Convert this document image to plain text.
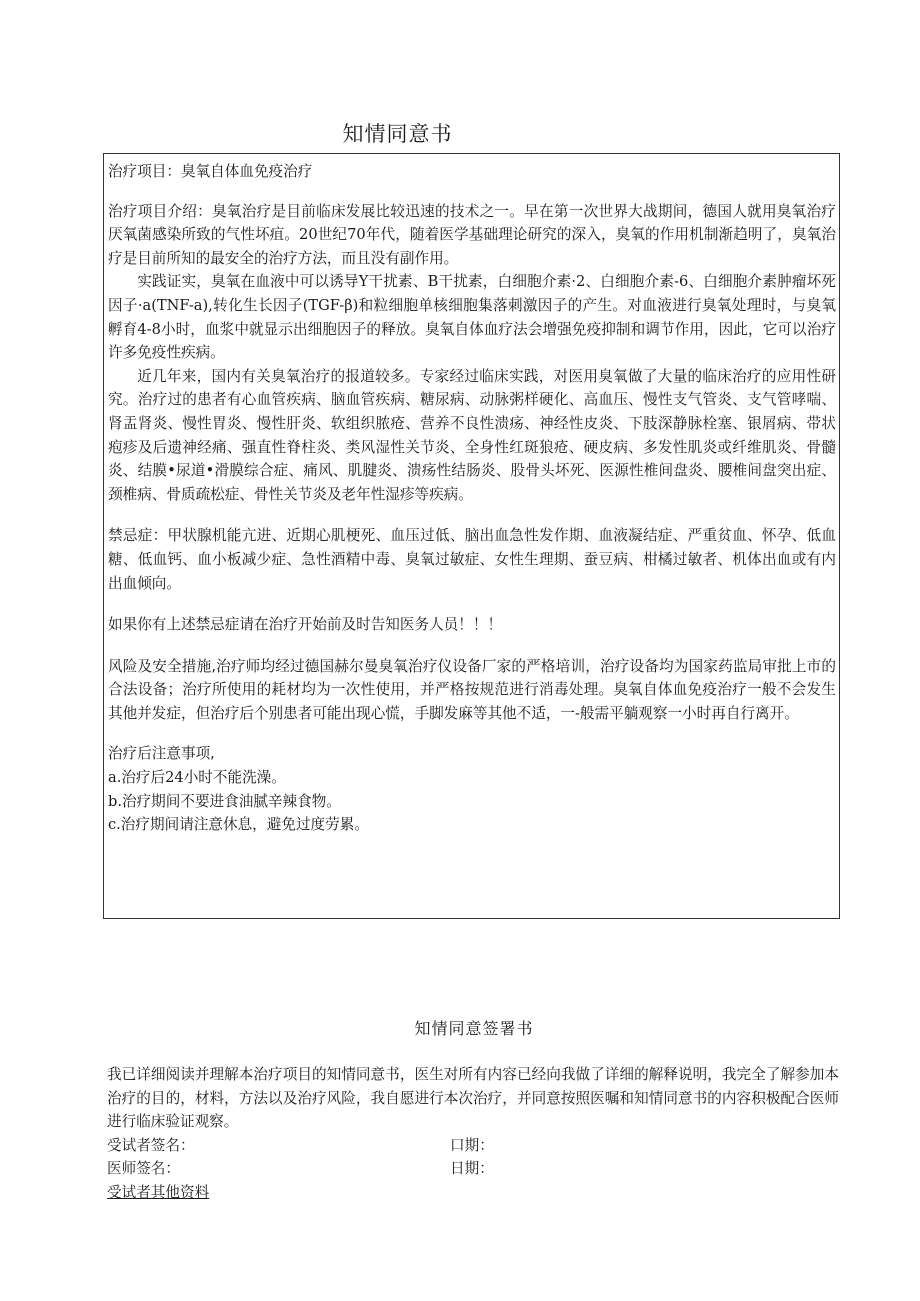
知情同意书

治疗项目：臭氧自体血免疫治疗

治疗项目介绍：臭氧治疗是目前临床发展比较迅速的技术之一。早在第一次世界大战期间，德国人就用臭氧治疗厌氧菌感染所致的气性坏疽。20世纪70年代，随着医学基础理论研究的深入，臭氧的作用机制渐趋明了，臭氧治疗是目前所知的最安全的治疗方法，而且没有副作用。

实践证实，臭氧在血液中可以诱导Y干扰素、B干扰素，白细胞介素·2、白细胞介素-6、白细胞介素肿瘤坏死因子·a(TNF-a),转化生长因子(TGF-β)和粒细胞单核细胞集落刺激因子的产生。对血液进行臭氧处理时，与臭氧孵育4-8小时，血浆中就显示出细胞因子的释放。臭氧自体血疗法会增强免疫抑制和调节作用，因此，它可以治疗许多免疫性疾病。

近几年来，国内有关臭氧治疗的报道较多。专家经过临床实践，对医用臭氧做了大量的临床治疗的应用性研究。治疗过的患者有心血管疾病、脑血管疾病、糖尿病、动脉粥样硬化、高血压、慢性支气管炎、支气管哮喘、肾盂肾炎、慢性胃炎、慢性肝炎、软组织脓疮、营养不良性溃疡、神经性皮炎、下肢深静脉栓塞、银屑病、带状疱疹及后遗神经痛、强直性脊柱炎、类风湿性关节炎、全身性红斑狼疮、硬皮病、多发性肌炎或纤维肌炎、骨髓炎、结膜•尿道•滑膜综合症、痛风、肌腱炎、溃疡性结肠炎、股骨头坏死、医源性椎间盘炎、腰椎间盘突出症、颈椎病、骨质疏松症、骨性关节炎及老年性湿疹等疾病。

禁忌症：甲状腺机能亢进、近期心肌梗死、血压过低、脑出血急性发作期、血液凝结症、严重贫血、怀孕、低血糖、低血钙、血小板减少症、急性酒精中毒、臭氧过敏症、女性生理期、蚕豆病、柑橘过敏者、机体出血或有内出血倾向。

如果你有上述禁忌症请在治疗开始前及时告知医务人员！！！

风险及安全措施,治疗师均经过德国赫尔曼臭氧治疗仪设备厂家的严格培训，治疗设备均为国家药监局审批上市的合法设备；治疗所使用的耗材均为一次性使用，并严格按规范进行消毒处理。臭氧自体血免疫治疗一般不会发生其他并发症，但治疗后个别患者可能出现心慌，手脚发麻等其他不适，一-般需平躺观察一小时再自行离开。

治疗后注意事项,

a.治疗后24小时不能洗澡。

b.治疗期间不要进食油腻辛辣食物。

c.治疗期间请注意休息，避免过度劳累。

知情同意签署书

我已详细阅读并理解本治疗项目的知情同意书，医生对所有内容已经向我做了详细的解释说明，我完全了解参加本治疗的目的，材料，方法以及治疗风险，我自愿进行本次治疗，并同意按照医嘱和知情同意书的内容积极配合医师进行临床验证观察。

受试者签名：	口期：
医师签名：	日期：

受试者其他资料
